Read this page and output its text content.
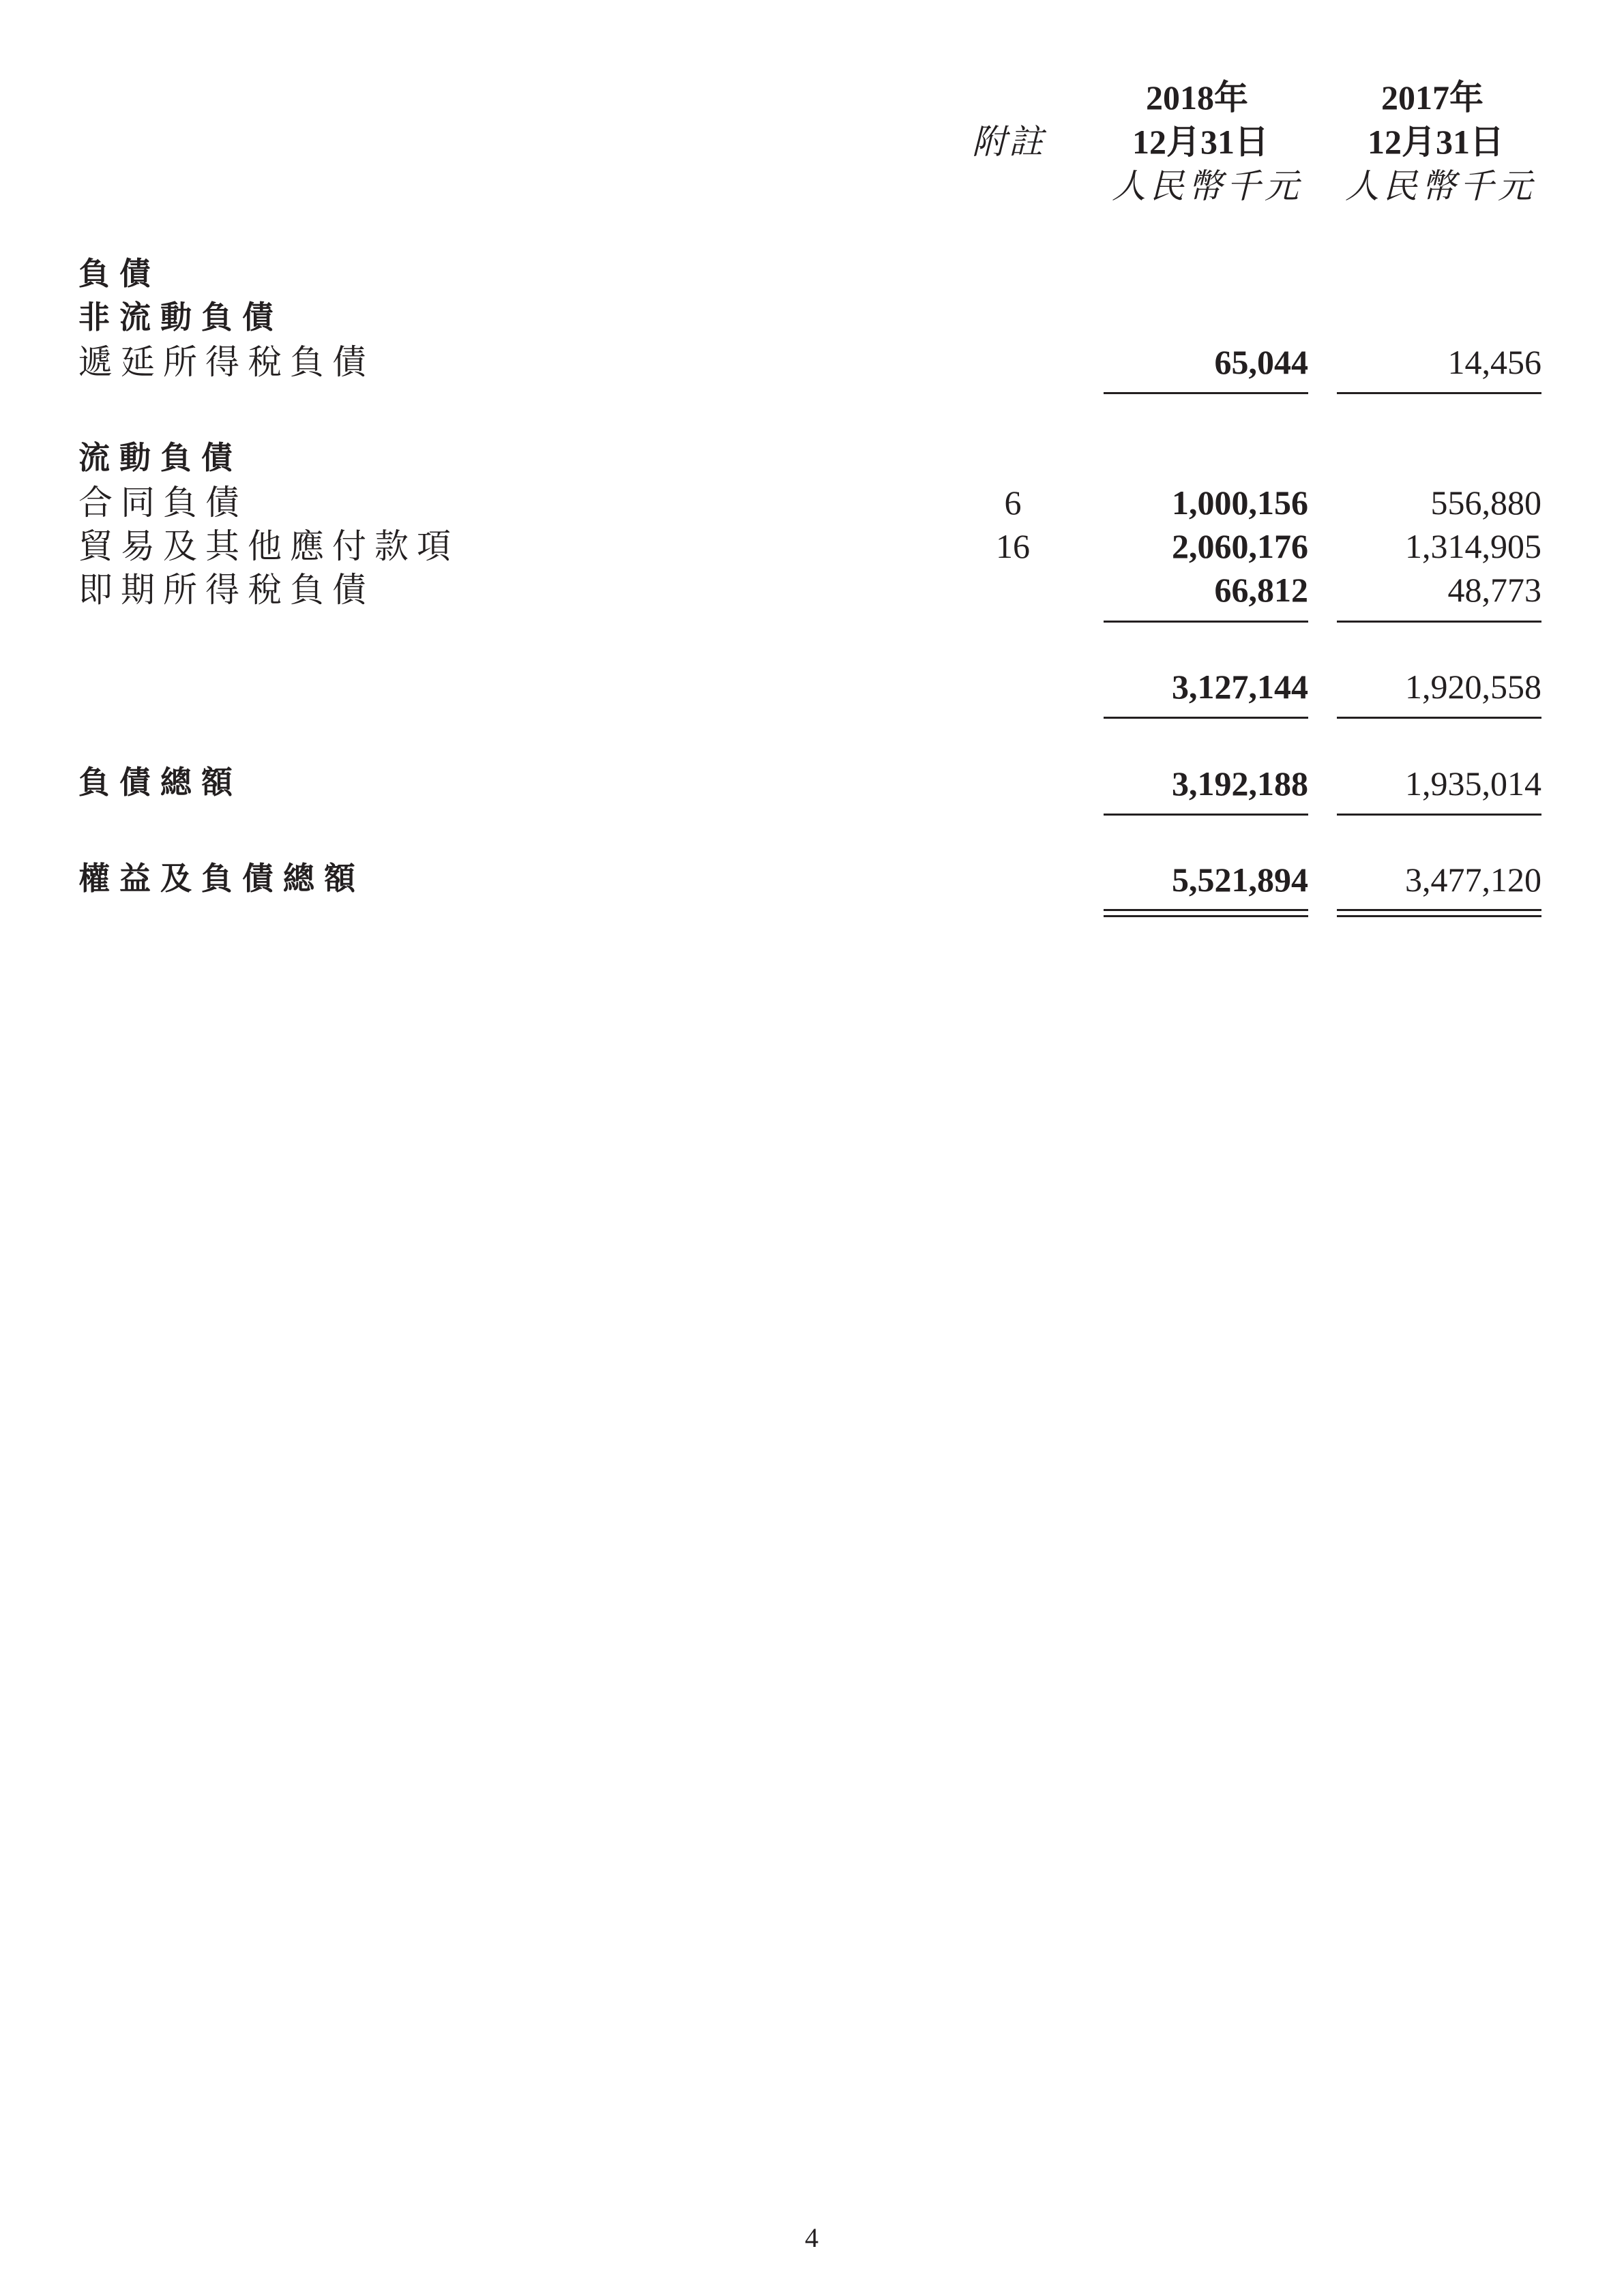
2018年	2017年
附註	12月31日	12月31日
人民幣千元 人民幣千元
負債
非流動負債
遞延所得稅負債	65,044	14,456
流動負債
合同負債	6	1,000,156	556,880
貿易及其他應付款項	16	2,060,176	1,314,905
即期所得稅負債	66,812	48,773
3,127,144	1,920,558
負債總額	3,192,188	1,935,014
權益及負債總額	5,521,894	3,477,120
4
